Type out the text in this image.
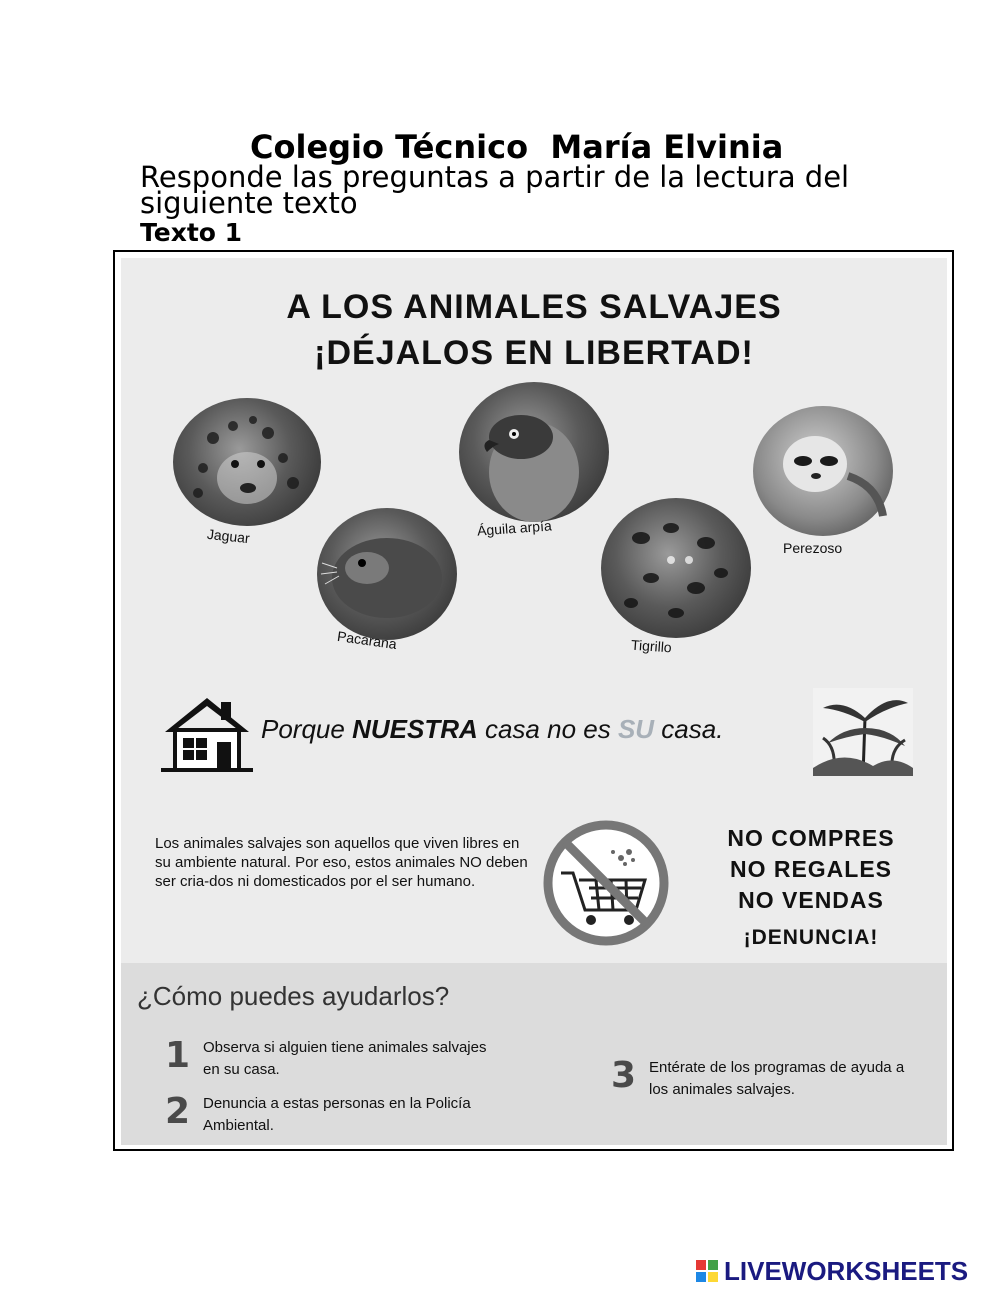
Colegio Técnico  María Elvinia
Responde las preguntas a partir de la lectura del siguiente texto
Texto 1
A LOS ANIMALES SALVAJES
¡DÉJALOS EN LIBERTAD!
Jaguar
Pacarana
Águila arpía
Tigrillo
Perezoso
Porque NUESTRA casa no es SU casa.
Los animales salvajes son aquellos que viven libres en su ambiente natural. Por eso, estos animales NO deben ser cria-dos ni domesticados por el ser humano.
NO COMPRES
NO REGALES
NO VENDAS
¡DENUNCIA!
¿Cómo puedes ayudarlos?
1 Observa si alguien tiene animales salvajes en su casa.
2 Denuncia a estas personas en la Policía Ambiental.
3 Entérate de los programas de ayuda a los animales salvajes.
LIVEWORKSHEETS
